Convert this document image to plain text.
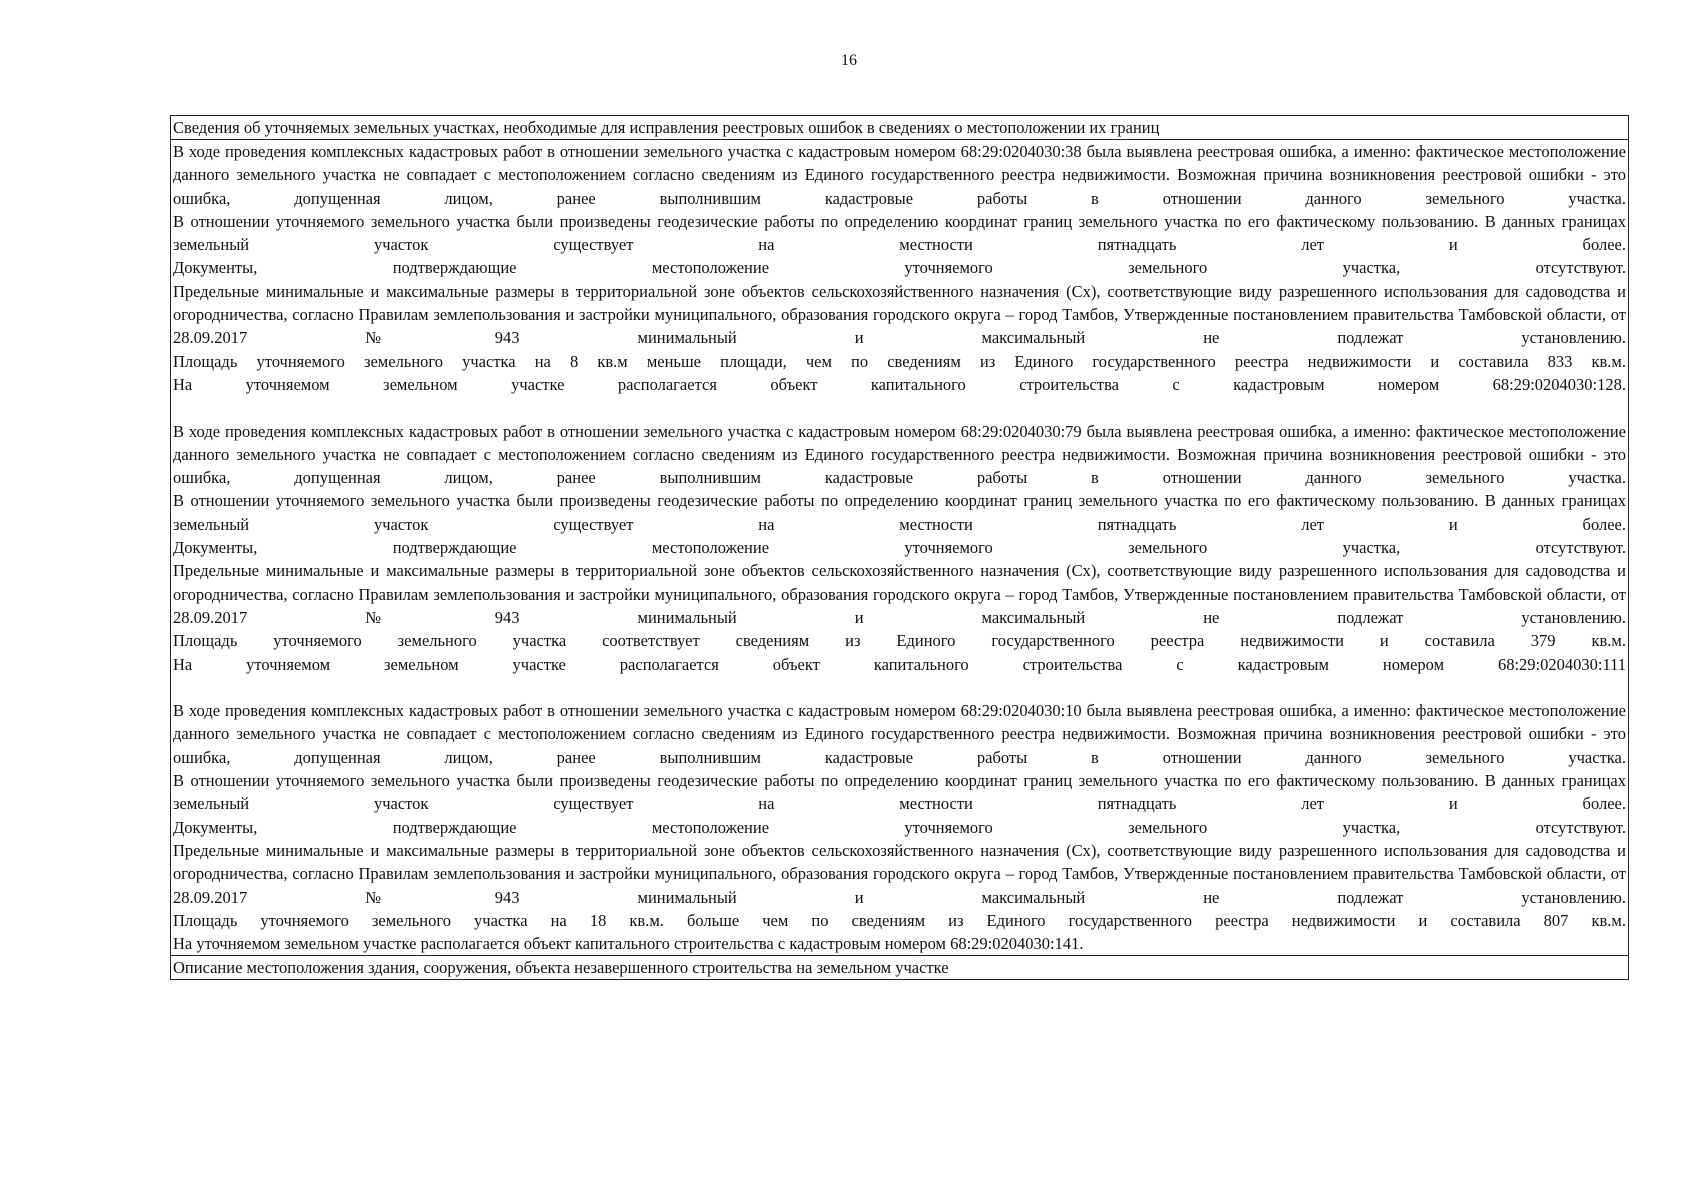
16
Сведения об уточняемых земельных участках, необходимые для исправления реестровых ошибок в сведениях о местоположении их границ

В ходе проведения комплексных кадастровых работ в отношении земельного участка с кадастровым номером 68:29:0204030:38 была выявлена реестровая ошибка, а именно: фактическое местоположение данного земельного участка не совпадает с местоположением согласно сведениям из Единого государственного реестра недвижимости. Возможная причина возникновения реестровой ошибки - это ошибка, допущенная лицом, ранее выполнившим кадастровые работы в отношении данного земельного участка.

В отношении уточняемого земельного участка были произведены геодезические работы по определению координат границ земельного участка по его фактическому пользованию. В данных границах земельный участок существует на местности пятнадцать лет и более.

Документы, подтверждающие местоположение уточняемого земельного участка, отсутствуют.

Предельные минимальные и максимальные размеры в территориальной зоне объектов сельскохозяйственного назначения (Сх), соответствующие виду разрешенного использования для садоводства и огородничества, согласно Правилам землепользования и застройки муниципального, образования городского округа – город Тамбов, Утвержденные постановлением правительства Тамбовской области, от 28.09.2017 №943 минимальный и максимальный не подлежат установлению.

Площадь уточняемого земельного участка на 8 кв.м меньше площади, чем по сведениям из Единого государственного реестра недвижимости и составила 833 кв.м.

На уточняемом земельном участке располагается объект капитального строительства с кадастровым номером 68:29:0204030:128.

В ходе проведения комплексных кадастровых работ в отношении земельного участка с кадастровым номером 68:29:0204030:79 была выявлена реестровая ошибка, а именно: фактическое местоположение данного земельного участка не совпадает с местоположением согласно сведениям из Единого государственного реестра недвижимости. Возможная причина возникновения реестровой ошибки - это ошибка, допущенная лицом, ранее выполнившим кадастровые работы в отношении данного земельного участка.

В отношении уточняемого земельного участка были произведены геодезические работы по определению координат границ земельного участка по его фактическому пользованию. В данных границах земельный участок существует на местности пятнадцать лет и более.

Документы, подтверждающие местоположение уточняемого земельного участка, отсутствуют.

Предельные минимальные и максимальные размеры в территориальной зоне объектов сельскохозяйственного назначения (Сх), соответствующие виду разрешенного использования для садоводства и огородничества, согласно Правилам землепользования и застройки муниципального, образования городского округа – город Тамбов, Утвержденные постановлением правительства Тамбовской области, от 28.09.2017 №943 минимальный и максимальный не подлежат установлению.

Площадь уточняемого земельного участка соответствует сведениям из Единого государственного реестра недвижимости и составила 379 кв.м.

На уточняемом земельном участке располагается объект капитального строительства с кадастровым номером 68:29:0204030:111

В ходе проведения комплексных кадастровых работ в отношении земельного участка с кадастровым номером 68:29:0204030:10 была выявлена реестровая ошибка, а именно: фактическое местоположение данного земельного участка не совпадает с местоположением согласно сведениям из Единого государственного реестра недвижимости. Возможная причина возникновения реестровой ошибки - это ошибка, допущенная лицом, ранее выполнившим кадастровые работы в отношении данного земельного участка.

В отношении уточняемого земельного участка были произведены геодезические работы по определению координат границ земельного участка по его фактическому пользованию. В данных границах земельный участок существует на местности пятнадцать лет и более.

Документы, подтверждающие местоположение уточняемого земельного участка, отсутствуют.

Предельные минимальные и максимальные размеры в территориальной зоне объектов сельскохозяйственного назначения (Сх), соответствующие виду разрешенного использования для садоводства и огородничества, согласно Правилам землепользования и застройки муниципального, образования городского округа – город Тамбов, Утвержденные постановлением правительства Тамбовской области, от 28.09.2017 №943 минимальный и максимальный не подлежат установлению.

Площадь уточняемого земельного участка на 18 кв.м. больше чем по сведениям из Единого государственного реестра недвижимости и составила 807 кв.м.

На уточняемом земельном участке располагается объект капитального строительства с кадастровым номером 68:29:0204030:141.

Описание местоположения здания, сооружения, объекта незавершенного строительства на земельном участке
